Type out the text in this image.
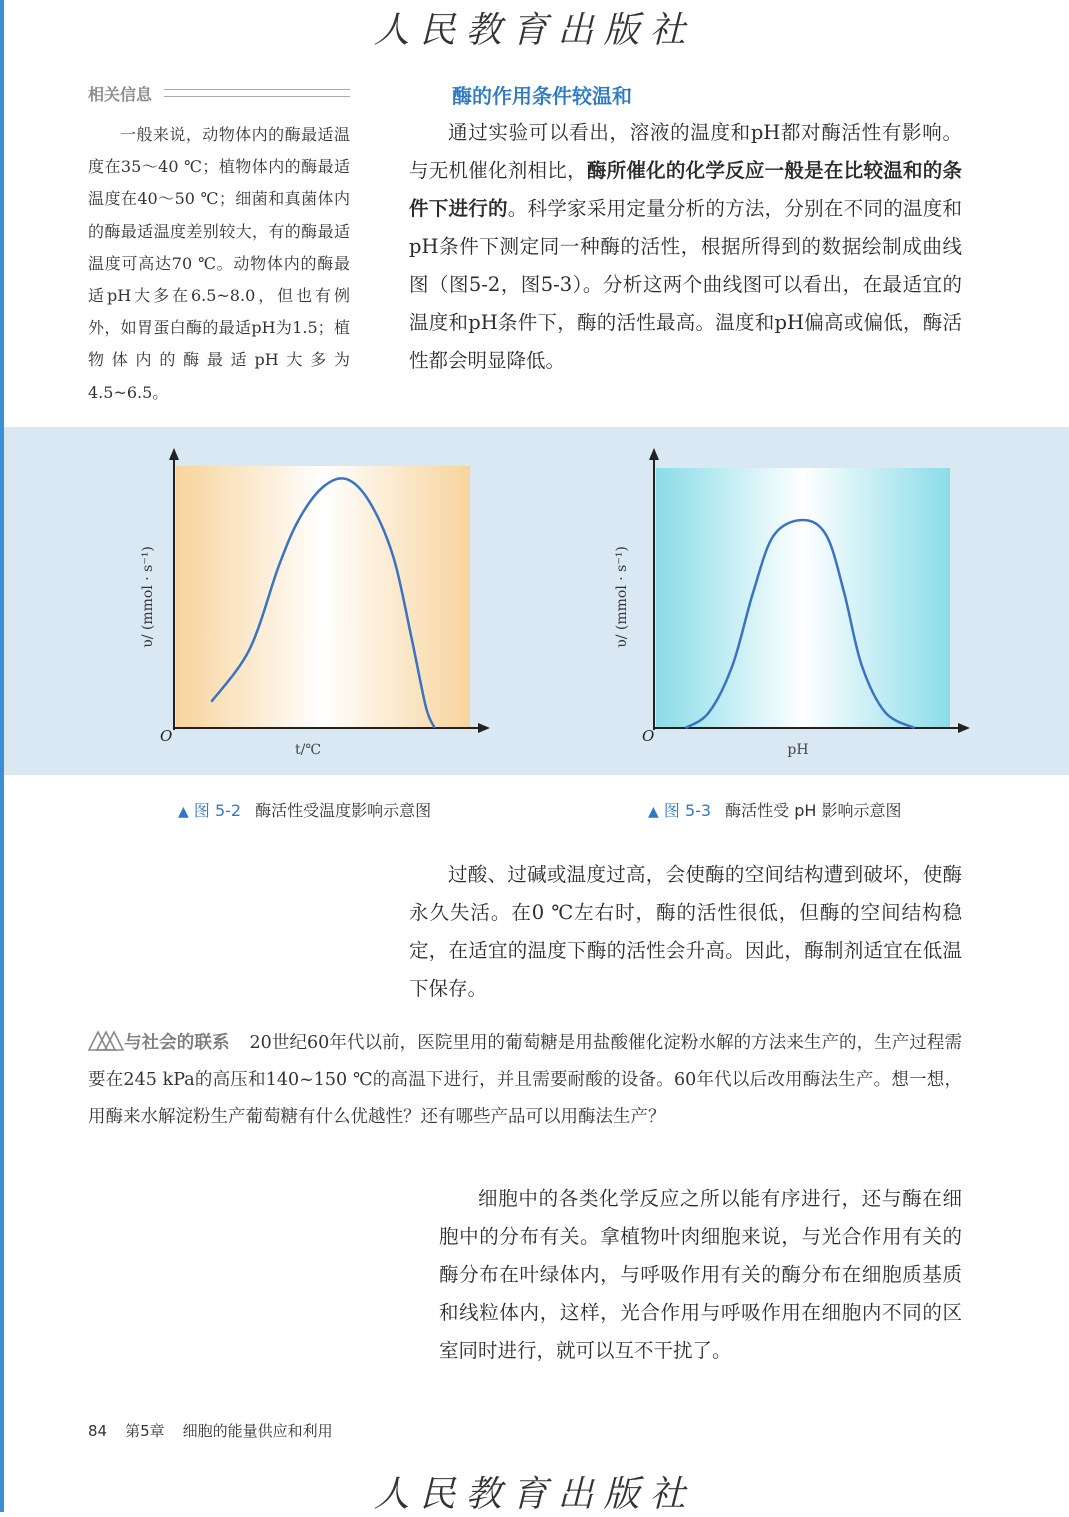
人民教育出版社
相关信息

一般来说，动物体内的酶最适温度在35～40 ℃；植物体内的酶最适温度在40～50 ℃；细菌和真菌体内的酶最适温度差别较大，有的酶最适温度可高达70 ℃。动物体内的酶最适pH大多在6.5~8.0，但也有例外，如胃蛋白酶的最适pH为1.5；植物体内的酶最适pH大多为4.5~6.5。

酶的作用条件较温和

通过实验可以看出，溶液的温度和pH都对酶活性有影响。与无机催化剂相比，酶所催化的化学反应一般是在比较温和的条件下进行的。科学家采用定量分析的方法，分别在不同的温度和pH条件下测定同一种酶的活性，根据所得到的数据绘制成曲线图（图5-2，图5-3）。分析这两个曲线图可以看出，在最适宜的温度和pH条件下，酶的活性最高。温度和pH偏高或偏低，酶活性都会明显降低。

O
t/℃
υ/ (mmol · s⁻¹)
O
pH
υ/ (mmol · s⁻¹)
▲ 图 5-2 酶活性受温度影响示意图	▲ 图 5-3 酶活性受 pH 影响示意图

过酸、过碱或温度过高，会使酶的空间结构遭到破坏，使酶永久失活。在0 ℃左右时，酶的活性很低，但酶的空间结构稳定，在适宜的温度下酶的活性会升高。因此，酶制剂适宜在低温下保存。

与社会的联系 20世纪60年代以前，医院里用的葡萄糖是用盐酸催化淀粉水解的方法来生产的，生产过程需要在245 kPa的高压和140~150 ℃的高温下进行，并且需要耐酸的设备。60年代以后改用酶法生产。想一想，用酶来水解淀粉生产葡萄糖有什么优越性？还有哪些产品可以用酶法生产？

细胞中的各类化学反应之所以能有序进行，还与酶在细胞中的分布有关。拿植物叶肉细胞来说，与光合作用有关的酶分布在叶绿体内，与呼吸作用有关的酶分布在细胞质基质和线粒体内，这样，光合作用与呼吸作用在细胞内不同的区室同时进行，就可以互不干扰了。

84 第5章 细胞的能量供应和利用
人民教育出版社
